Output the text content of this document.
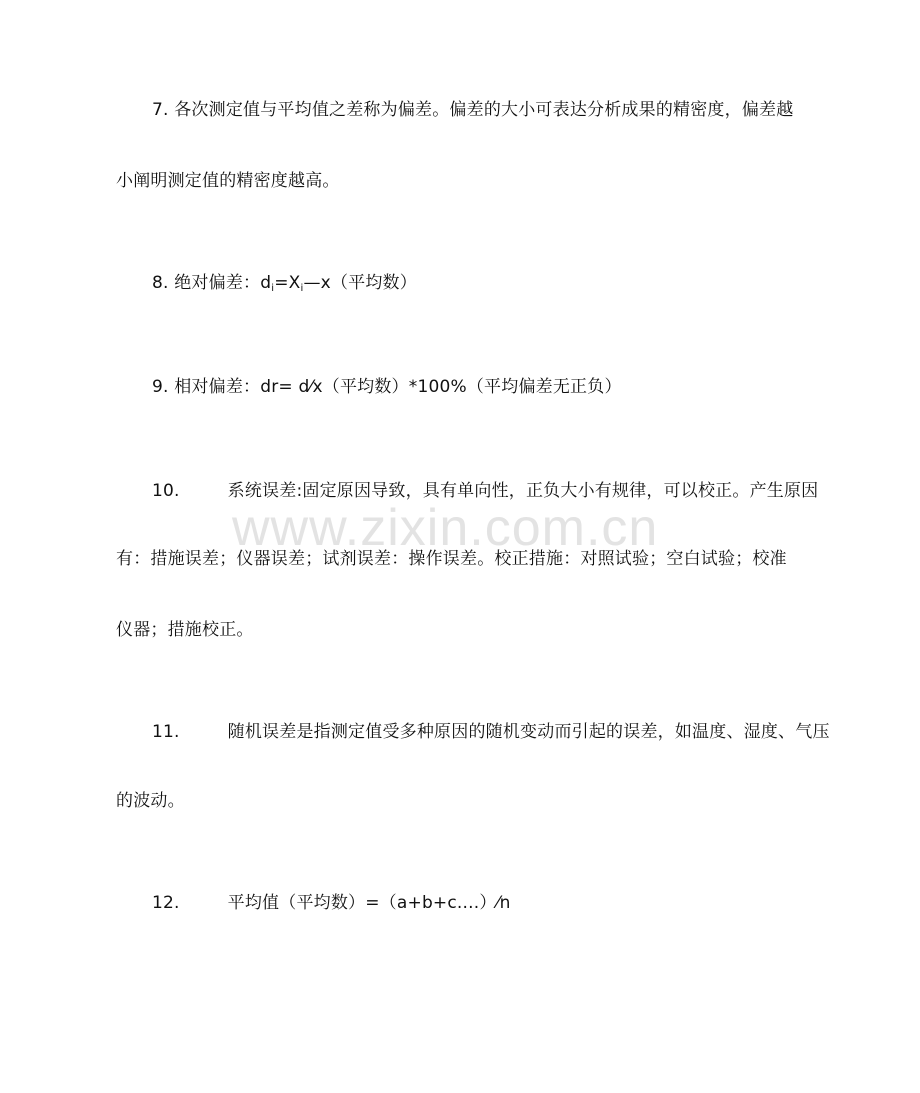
7. 各次测定值与平均值之差称为偏差。偏差的大小可表达分析成果的精密度，偏差越
小阐明测定值的精密度越高。
8. 绝对偏差：$d_i=X_i—x$（平均数）
9. 相对偏差：dr= d⁄x（平均数）*100%（平均偏差无正负）
10.	系统误差:固定原因导致，具有单向性，正负大小有规律，可以校正。产生原因
有：措施误差；仪器误差；试剂误差：操作误差。校正措施：对照试验；空白试验；校准
仪器；措施校正。
11.	随机误差是指测定值受多种原因的随机变动而引起的误差，如温度、湿度、气压
的波动。
12.	平均值（平均数）=（a+b+c....）⁄n
www.zixin.com.cn
